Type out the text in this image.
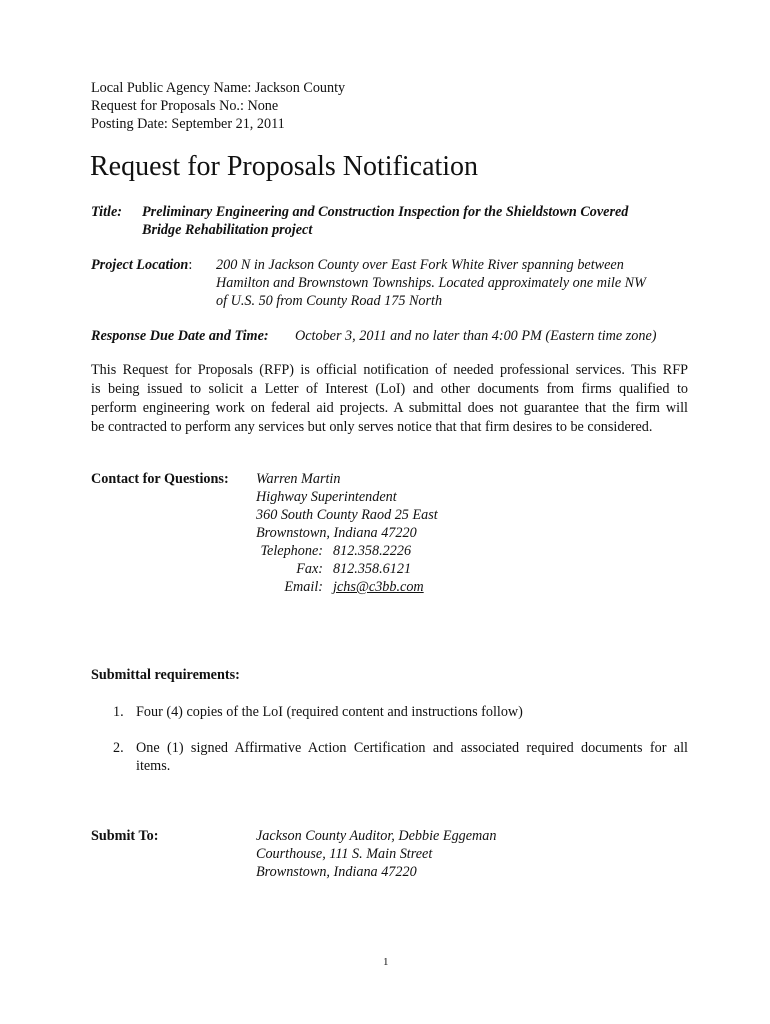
Local Public Agency Name: Jackson County
Request for Proposals No.: None
Posting Date: September 21, 2011
Request for Proposals Notification
Title: Preliminary Engineering and Construction Inspection for the Shieldstown Covered
Bridge Rehabilitation project
Project Location: 200 N in Jackson County over East Fork White River spanning between
Hamilton and Brownstown Townships. Located approximately one mile NW
of U.S. 50 from County Road 175 North
Response Due Date and Time: October 3, 2011 and no later than 4:00 PM (Eastern time zone)
This Request for Proposals (RFP) is official notification of needed professional services. This RFP
is being issued to solicit a Letter of Interest (LoI) and other documents from firms qualified to
perform engineering work on federal aid projects. A submittal does not guarantee that the firm will
be contracted to perform any services but only serves notice that that firm desires to be considered.
Contact for Questions: Warren Martin
Highway Superintendent
360 South County Raod 25 East
Brownstown, Indiana 47220
Telephone: 812.358.2226
Fax: 812.358.6121
Email: jchs@c3bb.com
Submittal requirements:
1. Four (4) copies of the LoI (required content and instructions follow)
2. One (1) signed Affirmative Action Certification and associated required documents for all
items.
Submit To:	Jackson County Auditor, Debbie Eggeman
Courthouse, 111 S. Main Street
Brownstown, Indiana 47220
1
